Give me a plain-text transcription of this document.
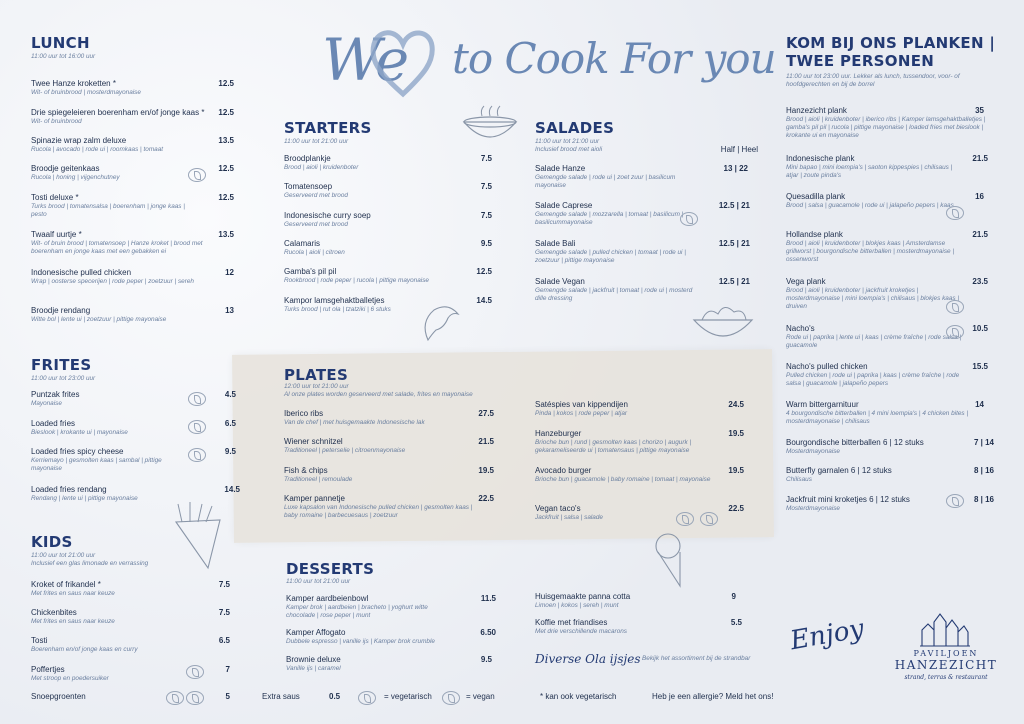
We to Cook For you
LUNCH
11:00 uur tot 16:00 uur
Twee Hanze kroketten *
Wit- of bruinbrood | mosterdmayonaise
12.5
Drie spiegeleieren boerenham en/of jonge kaas *
Wit- of bruinbrood
12.5
Spinazie wrap zalm deluxe
Rucola | avocado | rode ui | roomkaas | tomaat
13.5
Broodje geitenkaas
Rucola | honing | vijgenchutney
12.5
Tosti deluxe *
Turks brood | tomatensalsa | boerenham | jonge kaas | pesto
12.5
Twaalf uurtje *
Wit- of bruin brood | tomatensoep | Hanze kroket | brood met boerenham en jonge kaas met een gebakken ei
13.5
Indonesische pulled chicken
Wrap | oosterse specerijen | rode peper | zoetzuur | sereh
12
Broodje rendang
Witte bol | lente ui | zoetzuur | pittige mayonaise
13
FRITES
11:00 uur tot 23:00 uur
Puntzak frites
Mayonaise
4.5
Loaded fries
Bieslook | krokante ui | mayonaise
6.5
Loaded fries spicy cheese
Kerriemayo | gesmolten kaas | sambal | pittige mayonaise
9.5
Loaded fries rendang
Rendang | lente ui | pittige mayonaise
14.5
KIDS
11:00 uur tot 21:00 uur
Inclusief een glas limonade en verrassing
Kroket of frikandel *
Met frites en saus naar keuze
7.5
Chickenbites
Met frites en saus naar keuze
7.5
Tosti
Boerenham en/of jonge kaas en curry
6.5
Poffertjes
Met stroop en poedersuiker
7
Snoepgroenten	5
STARTERS
11:00 uur tot 21:00 uur
Broodplankje
Brood | aioli | kruidenboter
7.5
Tomatensoep
Geserveerd met brood
7.5
Indonesische curry soep
Geserveerd met brood
7.5
Calamaris
Rucola | aioli | citroen
9.5
Gamba's pil pil
Rookbrood | rode peper | rucola | pittige mayonaise
12.5
Kampor lamsgehaktballetjes
Turks brood | rut ola | tzatziki | 6 stuks
14.5
SALADES
11:00 uur tot 21:00 uur
Inclusief brood met aioli	Half | Heel
Salade Hanze
Gemengde salade | rode ui | zoet zuur | basilicum mayonaise
13 | 22
Salade Caprese
Gemengde salade | mozzarella | tomaat | basilicum | basilicummayonaise
12.5 | 21
Salade Bali
Gemengde salade | pulled chicken | tomaat | rode ui | zoetzuur | pittige mayonaise
12.5 | 21
Salade Vegan
Gemengde salade | jackfruit | tomaat | rode ui | mosterd dille dressing
12.5 | 21
PLATES
12:00 uur tot 21:00 uur
Al onze plates worden geserveerd met salade, frites en mayonaise
Iberico ribs
Van de chef | met huisgemaakte Indonesische lak
27.5
Wiener schnitzel
Traditioneel | peterselie | citroenmayonaise
21.5
Fish & chips
Traditioneel | remoulade
19.5
Kamper pannetje
Luxe kapsalon van Indonesische pulled chicken | gesmolten kaas | baby romaine | barbecuesaus | zoetzuur
22.5
Satéspies van kippendijen
Pinda | kokos | rode peper | atjar
24.5
Hanzeburger
Brioche bun | rund | gesmolten kaas | chorizo | augurk | gekarameliseerde ui | tomatensaus | pittige mayonaise
19.5
Avocado burger
Brioche bun | guacamole | baby romaine | tomaat | mayonaise
19.5
Vegan taco's
Jackfruit | salsa | salade
22.5
DESSERTS
11:00 uur tot 21:00 uur
Kamper aardbeienbowl
Kamper brok | aardbeien | bracheto | yoghurt witte chocolade | rose peper | munt
11.5
Kamper Affogato
Dubbele espresso | vanille ijs | Kamper brok crumble
6.50
Brownie deluxe
Vanille ijs | caramel
9.5
Huisgemaakte panna cotta
Limoen | kokos | sereh | munt
9
Koffie met friandises
Met drie verschillende macarons
5.5
Diverse Ola ijsjes Bekijk het assortiment bij de strandbar
KOM BIJ ONS PLANKEN |
TWEE PERSONEN
11:00 uur tot 23:00 uur. Lekker als lunch, tussendoor, voor- of hoofdgerechten en bij de borrel
Hanzezicht plank
Brood | aioli | kruidenboter | iberico ribs | Kamper lamsgehaktballetjes | gamba's pil pil | rucola | pittige mayonaise | loaded fries met bieslook | krokante ui en mayonaise
35
Indonesische plank
Mini bapao | mini loempia's | saoton kippespies | chilisaus | atjar | zoute pinda's
21.5
Quesadilla plank
Brood | salsa | guacamole | rode ui | jalapeño pepers | kaas
16
Hollandse plank
Brood | aioli | kruidenboter | blokjes kaas | Amsterdamse grillworst | bourgondische bitterballen | mosterdmayonaise | ossenworst
21.5
Vega plank
Brood | aioli | kruidenboter | jackfruit kroketjes | mosterdmayonaise | mini loempia's | chilisaus | blokjes kaas | druiven
23.5
Nacho's
Rode ui | paprika | lente ui | kaas | crème fraîche | rode salsa | guacamole
10.5
Nacho's pulled chicken
Pulled chicken | rode ui | paprika | kaas | crème fraîche | rode salsa | guacamole | jalapeño pepers
15.5
Warm bittergarnituur
4 bourgondische bitterballen | 4 mini loempia's | 4 chicken bites | mosterdmayonaise | chilisaus
14
Bourgondische bitterballen 6 | 12 stuks
Mosterdmayonaise
7 | 14
Butterfly garnalen 6 | 12 stuks
Chilisaus
8 | 16
Jackfruit mini kroketjes 6 | 12 stuks
Mosterdmayonaise
8 | 16
Enjoy	PAVILJOEN
HANZEZICHT
strand, terras & restaurant
Extra saus	0.5	= vegetarisch	= vegan	* kan ook vegetarisch	Heb je een allergie? Meld het ons!
